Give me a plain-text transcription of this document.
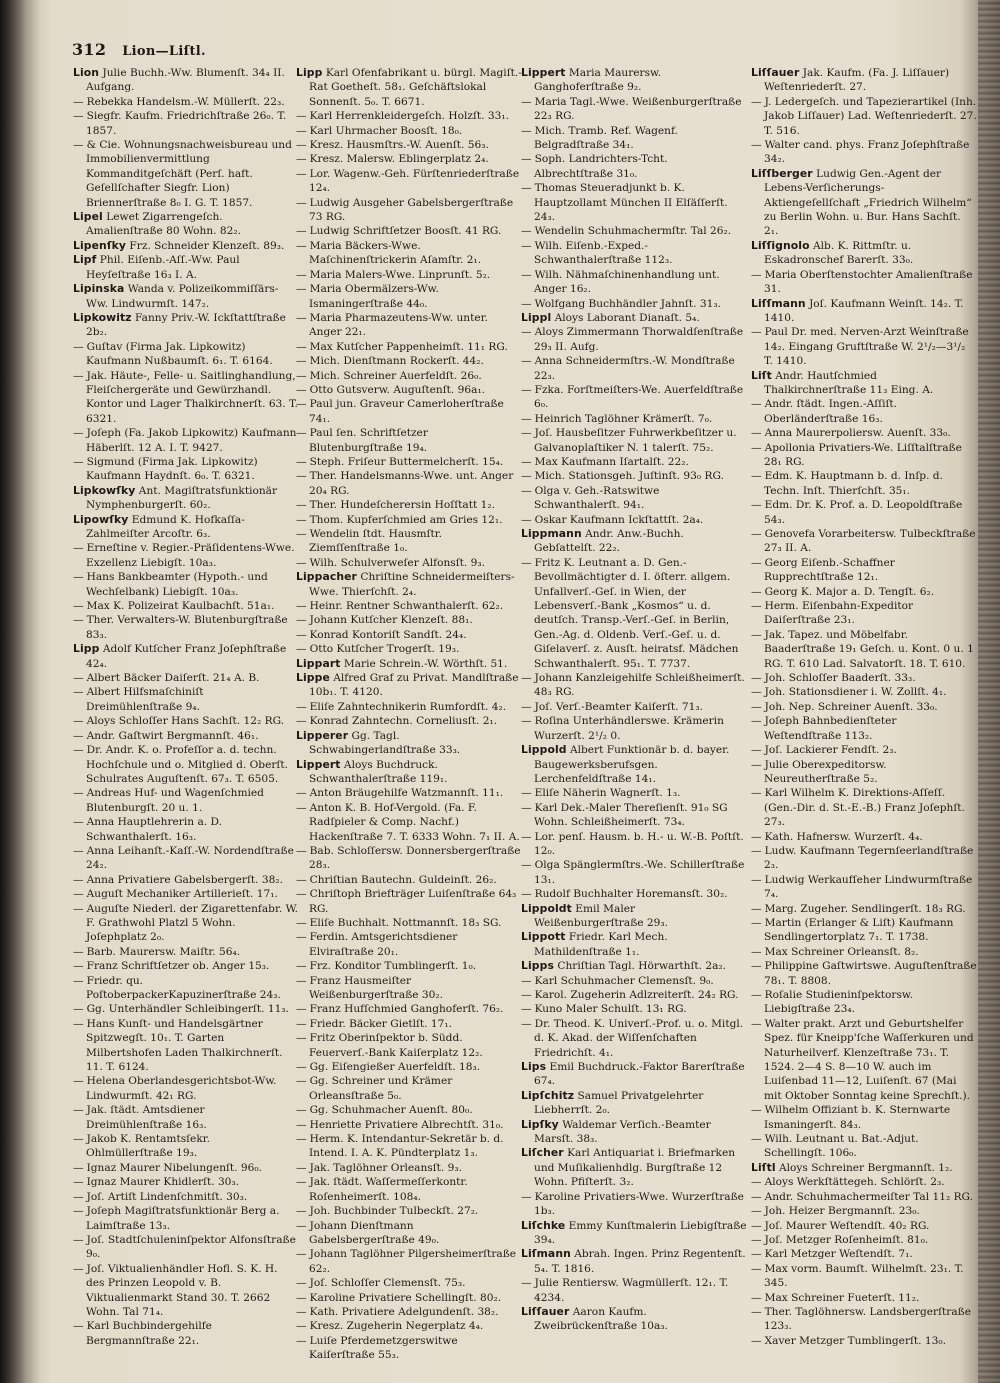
312 Lion—Liſtl.

Lion Julie Buchh.-Ww. Blumenſt. 34₄ II. Aufgang.

— Rebekka Handelsm.-W. Müllerſt. 22₃.

— Siegfr. Kaufm. Friedrichſtraße 26₀. T. 1857.

— & Cie. Wohnungsnachweisbureau und Immobilienvermittlung Kommanditgeſchäft (Perſ. haft. Geſellſchafter Siegfr. Lion) Briennerſtraße 8₀ I. G. T. 1857.

Lipel Lewet Zigarrengeſch. Amalienſtraße 80 Wohn. 82₂.

Lipenſky Frz. Schneider Klenzeſt. 89₃.

Lipf Phil. Eiſenb.-Aſſ.-Ww. Paul Heyſeſtraße 16₃ I. A.

Lipinska Wanda v. Polizeikommiſſärs-Ww. Lindwurmſt. 147₂.

Lipkowitz Fanny Priv.-W. Ickſtattſtraße 2b₂.

— Guſtav (Firma Jak. Lipkowitz) Kaufmann Nußbaumſt. 6₁. T. 6164.

— Jak. Häute-, Felle- u. Saitlinghandlung, Fleiſchergeräte und Gewürzhandl. Kontor und Lager Thalkirchnerſt. 63. T. 6321.

— Joſeph (Fa. Jakob Lipkowitz) Kaufmann Häberlſt. 12 A. I. T. 9427.

— Sigmund (Firma Jak. Lipkowitz) Kaufmann Haydnſt. 6₀. T. 6321.

Lipkowſky Ant. Magiſtratsfunktionär Nymphenburgerſt. 60₂.

Lipowſky Edmund K. Hofkaſſa-Zahlmeiſter Arcoſtr. 6₃.

— Erneſtine v. Regier.-Präſidentens-Wwe. Exzellenz Liebigſt. 10a₃.

— Hans Bankbeamter (Hypoth.- und Wechſelbank) Liebigſt. 10a₃.

— Max K. Polizeirat Kaulbachſt. 51a₁.

— Ther. Verwalters-W. Blutenburgſtraße 83₃.

Lipp Adolf Kutſcher Franz Joſephſtraße 42₄.

— Albert Bäcker Daiſerſt. 21₄ A. B.

— Albert Hilfsmaſchiniſt Dreimühlenſtraße 9₄.

— Aloys Schloſſer Hans Sachſt. 12₂ RG.

— Andr. Gaſtwirt Bergmannſt. 46₁.

— Dr. Andr. K. o. Profeſſor a. d. techn. Hochſchule und o. Mitglied d. Oberſt. Schulrates Auguſtenſt. 67₃. T. 6505.

— Andreas Huf- und Wagenſchmied Blutenburgſt. 20 u. 1.

— Anna Hauptlehrerin a. D. Schwanthalerſt. 16₃.

— Anna Leihanſt.-Kaſſ.-W. Nordendſtraße 24₂.

— Anna Privatiere Gabelsbergerſt. 38₂.

— Auguſt Mechaniker Artillerieſt. 17₁.

— Auguſte Niederl. der Zigarettenfabr. W. F. Grathwohl Platzl 5 Wohn. Joſephplatz 2₀.

— Barb. Maurersw. Maiſtr. 56₄.

— Franz Schriftſetzer ob. Anger 15₃.

— Friedr. qu. PoſtoberpackerKapuzinerſtraße 24₃.

— Gg. Unterhändler Schleibingerſt. 11₃.

— Hans Kunſt- und Handelsgärtner Spitzwegſt. 10₁. T. Garten Milbertshofen Laden Thalkirchnerſt. 11. T. 6124.

— Helena Oberlandesgerichtsbot-Ww. Lindwurmſt. 42₁ RG.

— Jak. ſtädt. Amtsdiener Dreimühlenſtraße 16₃.

— Jakob K. Rentamtsſekr. Ohlmüllerſtraße 19₃.

— Ignaz Maurer Nibelungenſt. 96₀.

— Ignaz Maurer Khidlerſt. 30₃.

— Joſ. Artiſt Lindenſchmitſt. 30₃.

— Joſeph Magiſtratsfunktionär Berg a. Laimſtraße 13₃.

— Joſ. Stadtſchuleninſpektor Alfonsſtraße 9₀.

— Joſ. Viktualienhändler Hofl. S. K. H. des Prinzen Leopold v. B. Viktualienmarkt Stand 30. T. 2662 Wohn. Tal 71₄.

— Karl Buchbindergehilfe Bergmannſtraße 22₁.

Lipp Karl Ofenfabrikant u. bürgl. Magiſt.-Rat Goetheſt. 58₁. Geſchäftslokal Sonnenſt. 5₀. T. 6671.

— Karl Herrenkleidergeſch. Holzſt. 33₁.

— Karl Uhrmacher Boosſt. 18₀.

— Kresz. Hausmſtrs.-W. Auenſt. 56₃.

— Kresz. Malersw. Eblingerplatz 2₄.

— Lor. Wagenw.-Geh. Fürſtenriederſtraße 12₄.

— Ludwig Ausgeher Gabelsbergerſtraße 73 RG.

— Ludwig Schriftſetzer Boosſt. 41 RG.

— Maria Bäckers-Wwe. Maſchinenſtrickerin Aſamſtr. 2₁.

— Maria Malers-Wwe. Linprunſt. 5₂.

— Maria Obermälzers-Ww. Ismaningerſtraße 44₀.

— Maria Pharmazeutens-Ww. unter. Anger 22₁.

— Max Kutſcher Pappenheimſt. 11₁ RG.

— Mich. Dienſtmann Rockerſt. 44₂.

— Mich. Schreiner Auerfeldſt. 26₀.

— Otto Gutsverw. Auguſtenſt. 96a₁.

— Paul jun. Graveur Camerloherſtraße 74₁.

— Paul ſen. Schriftſetzer Blutenburgſtraße 19₄.

— Steph. Friſeur Buttermelcherſt. 15₄.

— Ther. Handelsmanns-Wwe. unt. Anger 20₄ RG.

— Ther. Hundeſcherersin Hoſſtatt 1₂.

— Thom. Kupferſchmied am Gries 12₁.

— Wendelin ſtdt. Hausmſtr. Ziemſſenſtraße 1₀.

— Wilh. Schulverweſer Alfonsſt. 9₃.

Lippacher Chriſtine Schneidermeiſters-Wwe. Thierſchſt. 2₄.

— Heinr. Rentner Schwanthalerſt. 62₂.

— Johann Kutſcher Klenzeſt. 88₁.

— Konrad Kontoriſt Sandſt. 24₄.

— Otto Kutſcher Trogerſt. 19₃.

Lippart Marie Schrein.-W. Wörthſt. 51.

Lippe Alfred Graf zu Privat. Mandlſtraße 10b₁. T. 4120.

— Eliſe Zahntechnikerin Rumfordſt. 4₂.

— Konrad Zahntechn. Corneliusſt. 2₁.

Lipperer Gg. Tagl. Schwabingerlandſtraße 33₃.

Lippert Aloys Buchdruck. Schwanthalerſtraße 119₁.

— Anton Bräugehilfe Watzmannſt. 11₁.

— Anton K. B. Hof-Vergold. (Fa. F. Radſpieler & Comp. Nachf.) Hackenſtraße 7. T. 6333 Wohn. 7₁ II. A.

— Bab. Schloſſersw. Donnersbergerſtraße 28₃.

— Chriſtian Bautechn. Guldeinſt. 26₂.

— Chriſtoph Briefträger Luiſenſtraße 64₃ RG.

— Eliſe Buchhalt. Nottmannſt. 18₃ SG.

— Ferdin. Amtsgerichtsdiener Elviraſtraße 20₁.

— Frz. Konditor Tumblingerſt. 1₀.

— Franz Hausmeiſter Weißenburgerſtraße 30₂.

— Franz Hufſchmied Ganghoferſt. 76₂.

— Friedr. Bäcker Gietlſt. 17₁.

— Fritz Oberinſpektor b. Südd. Feuerverſ.-Bank Kaiſerplatz 12₂.

— Gg. Eiſengießer Auerfeldſt. 18₃.

— Gg. Schreiner und Krämer Orleansſtraße 5₀.

— Gg. Schuhmacher Auenſt. 80₀.

— Henriette Privatiere Albrechtſt. 31₀.

— Herm. K. Intendantur-Sekretär b. d. Intend. I. A. K. Pündterplatz 1₃.

— Jak. Taglöhner Orleansſt. 9₃.

— Jak. ſtädt. Waſſermeſſerkontr. Roſenheimerſt. 108₄.

— Joh. Buchbinder Tulbeckſt. 27₂.

— Johann Dienſtmann Gabelsbergerſtraße 49₀.

— Johann Taglöhner Pilgersheimerſtraße 62₂.

— Joſ. Schloſſer Clemensſt. 75₃.

— Karoline Privatiere Schellingſt. 80₂.

— Kath. Privatiere Adelgundenſt. 38₂.

— Kresz. Zugeherin Negerplatz 4₄.

— Luiſe Pferdemetzgerswitwe Kaiſerſtraße 55₃.

Lippert Maria Maurersw. Ganghoferſtraße 9₂.

— Maria Tagl.-Wwe. Weißenburgerſtraße 22₃ RG.

— Mich. Tramb. Ref. Wagenf. Belgradſtraße 34₁.

— Soph. Landrichters-Tcht. Albrechtſtraße 31₀.

— Thomas Steueradjunkt b. K. Hauptzollamt München II Elſäſſerſt. 24₃.

— Wendelin Schuhmachermſtr. Tal 26₂.

— Wilh. Eiſenb.-Exped.-Schwanthalerſtraße 112₃.

— Wilh. Nähmaſchinenhandlung unt. Anger 16₂.

— Wolfgang Buchhändler Jahnſt. 31₃.

Lippl Aloys Laborant Dianaſt. 5₄.

— Aloys Zimmermann Thorwaldſenſtraße 29₃ II. Aufg.

— Anna Schneidermſtrs.-W. Mondſtraße 22₃.

— Fzka. Forſtmeiſters-We. Auerfeldſtraße 6₀.

— Heinrich Taglöhner Krämerſt. 7₀.

— Joſ. Hausbeſitzer Fuhrwerkbeſitzer u. Galvanoplaſtiker N. 1 talerſt. 75₂.

— Max Kaufmann Iſartalſt. 22₂.

— Mich. Stationsgeh. Juſtinſt. 93₀ RG.

— Olga v. Geh.-Ratswitwe Schwanthalerſt. 94₁.

— Oskar Kaufmann Ickſtattſt. 2a₄.

Lippmann Andr. Anw.-Buchh. Gebſattelſt. 22₂.

— Fritz K. Leutnant a. D. Gen.-Bevollmächtigter d. I. öſterr. allgem. Unfallverſ.-Geſ. in Wien, der Lebensverſ.-Bank „Kosmos“ u. d. deutſch. Transp.-Verſ.-Geſ. in Berlin, Gen.-Ag. d. Oldenb. Verſ.-Geſ. u. d. Giſelaverſ. z. Ausſt. heiratsf. Mädchen Schwanthalerſt. 95₁. T. 7737.

— Johann Kanzleigehilfe Schleißheimerſt. 48₃ RG.

— Joſ. Verſ.-Beamter Kaiſerſt. 71₃.

— Roſina Unterhändlerswe. Krämerin Wurzerſt. 2¹/₂ 0.

Lippold Albert Funktionär b. d. bayer. Baugewerksberufsgen. Lerchenfeldſtraße 14₁.

— Eliſe Näherin Wagnerſt. 1₃.

— Karl Dek.-Maler Thereſienſt. 91₀ SG Wohn. Schleißheimerſt. 73₄.

— Lor. penſ. Hausm. b. H.- u. W.-B. Poſtſt. 12₀.

— Olga Spänglermſtrs.-We. Schillerſtraße 13₁.

— Rudolf Buchhalter Horemansſt. 30₂.

Lippoldt Emil Maler Weißenburgerſtraße 29₃.

Lippott Friedr. Karl Mech. Mathildenſtraße 1₁.

Lipps Chriſtian Tagl. Hörwarthſt. 2a₂.

— Karl Schuhmacher Clemensſt. 9₀.

— Karol. Zugeherin Adlzreiterſt. 24₂ RG.

— Kuno Maler Schulſt. 13₁ RG.

— Dr. Theod. K. Univerſ.-Prof. u. o. Mitgl. d. K. Akad. der Wiſſenſchaften Friedrichſt. 4₁.

Lips Emil Buchdruck.-Faktor Barerſtraße 67₄.

Lipſchitz Samuel Privatgelehrter Liebherrſt. 2₀.

Lipſky Waldemar Verſich.-Beamter Marsſt. 38₃.

Liſcher Karl Antiquariat i. Briefmarken und Muſikalienhdlg. Burgſtraße 12 Wohn. Pfiſterſt. 3₂.

— Karoline Privatiers-Wwe. Wurzerſtraße 1b₃.

Liſchke Emmy Kunſtmalerin Liebigſtraße 39₄.

Liſmann Abrah. Ingen. Prinz Regentenſt. 5₄. T. 1816.

— Julie Rentiersw. Wagmüllerſt. 12₁. T. 4234.

Liſſauer Aaron Kaufm. Zweibrückenſtraße 10a₃.

Liſſauer Jak. Kaufm. (Fa. J. Liſſauer) Weſtenriederſt. 27.

— J. Ledergeſch. und Tapezierartikel (Inh. Jakob Liſſauer) Lad. Weſtenriederſt. 27. T. 516.

— Walter cand. phys. Franz Joſephſtraße 34₂.

Liſſberger Ludwig Gen.-Agent der Lebens-Verſicherungs-Aktiengeſellſchaft „Friedrich Wilhelm“ zu Berlin Wohn. u. Bur. Hans Sachſt. 2₁.

Liſſignolo Alb. K. Rittmſtr. u. Eskadronschef Barerſt. 33₀.

— Maria Oberſtenstochter Amalienſtraße 31.

Liſſmann Joſ. Kaufmann Weinſt. 14₂. T. 1410.

— Paul Dr. med. Nerven-Arzt Weinſtraße 14₂. Eingang Gruftſtraße W. 2¹/₂—3¹/₂ T. 1410.

Liſt Andr. Hautſchmied Thalkirchnerſtraße 11₃ Eing. A.

— Andr. ſtädt. Ingen.-Aſſiſt. Oberländerſtraße 16₃.

— Anna Maurerpoliersw. Auenſt. 33₀.

— Apollonia Privatiers-We. Liſſtalſtraße 28₁ RG.

— Edm. K. Hauptmann b. d. Inſp. d. Techn. Inſt. Thierſchſt. 35₁.

— Edm. Dr. K. Prof. a. D. Leopoldſtraße 54₃.

— Genovefa Vorarbeitersw. Tulbeckſtraße 27₃ II. A.

— Georg Eiſenb.-Schaffner Rupprechtſtraße 12₁.

— Georg K. Major a. D. Tengſt. 6₂.

— Herm. Eiſenbahn-Expeditor Daiſerſtraße 23₁.

— Jak. Tapez. und Möbelfabr. Baaderſtraße 19₁ Geſch. u. Kont. 0 u. 1 RG. T. 610 Lad. Salvatorſt. 18. T. 610.

— Joh. Schloſſer Baaderſt. 33₃.

— Joh. Stationsdiener i. W. Zollſt. 4₁.

— Joh. Nep. Schreiner Auenſt. 33₀.

— Joſeph Bahnbedienſteter Weſtendſtraße 113₂.

— Joſ. Lackierer Fendſt. 2₃.

— Julie Oberexpeditorsw. Neureutherſtraße 5₂.

— Karl Wilhelm K. Direktions-Aſſeſſ. (Gen.-Dir. d. St.-E.-B.) Franz Joſephſt. 27₃.

— Kath. Hafnersw. Wurzerſt. 4₄.

— Ludw. Kaufmann Tegernſeerlandſtraße 2₃.

— Ludwig Werkaufſeher Lindwurmſtraße 7₄.

— Marg. Zugeher. Sendlingerſt. 18₃ RG.

— Martin (Erlanger & Liſt) Kaufmann Sendlingertorplatz 7₁. T. 1738.

— Max Schreiner Orleansſt. 8₂.

— Philippine Gaſtwirtswe. Auguſtenſtraße 78₁. T. 8808.

— Roſalie Studieninſpektorsw. Liebigſtraße 23₄.

— Walter prakt. Arzt und Geburtshelfer Spez. für Kneipp'ſche Waſſerkuren und Naturheilverf. Klenzeſtraße 73₁. T. 1524. 2—4 S. 8—10 W. auch im Luiſenbad 11—12, Luiſenſt. 67 (Mai mit Oktober Sonntag keine Sprechſt.).

— Wilhelm Offiziant b. K. Sternwarte Ismaningerſt. 84₃.

— Wilh. Leutnant u. Bat.-Adjut. Schellingſt. 106₀.

Liſtl Aloys Schreiner Bergmannſt. 1₂.

— Aloys Werkſtättegeh. Schlörſt. 2₃.

— Andr. Schuhmachermeiſter Tal 11₂ RG.

— Joh. Heizer Bergmannſt. 23₀.

— Joſ. Maurer Weſtendſt. 40₂ RG.

— Joſ. Metzger Roſenheimſt. 81₀.

— Karl Metzger Weſtendſt. 7₁.

— Max vorm. Baumſt. Wilhelmſt. 23₁. T. 345.

— Max Schreiner Fueterſt. 11₂.

— Ther. Taglöhnersw. Landsbergerſtraße 123₃.

— Xaver Metzger Tumblingerſt. 13₀.
